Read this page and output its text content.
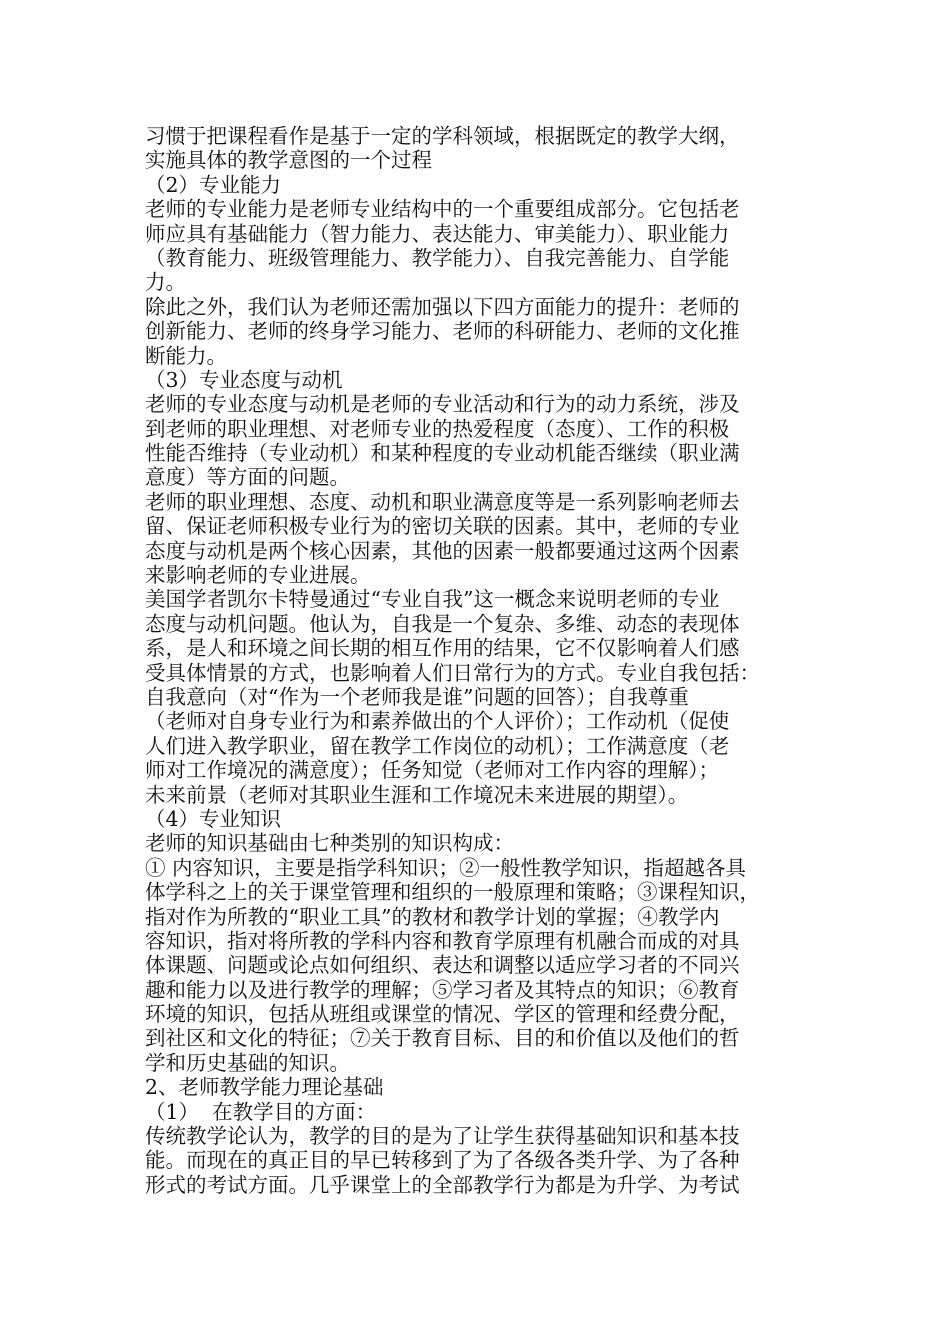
习惯于把课程看作是基于一定的学科领域，根据既定的教学大纲，
实施具体的教学意图的一个过程
（2）专业能力
老师的专业能力是老师专业结构中的一个重要组成部分。它包括老
师应具有基础能力（智力能力、表达能力、审美能力）、职业能力
（教育能力、班级管理能力、教学能力）、自我完善能力、自学能
力。
除此之外，我们认为老师还需加强以下四方面能力的提升：老师的
创新能力、老师的终身学习能力、老师的科研能力、老师的文化推
断能力。
（3）专业态度与动机
老师的专业态度与动机是老师的专业活动和行为的动力系统，涉及
到老师的职业理想、对老师专业的热爱程度（态度）、工作的积极
性能否维持（专业动机）和某种程度的专业动机能否继续（职业满
意度）等方面的问题。
老师的职业理想、态度、动机和职业满意度等是一系列影响老师去
留、保证老师积极专业行为的密切关联的因素。其中，老师的专业
态度与动机是两个核心因素，其他的因素一般都要通过这两个因素
来影响老师的专业进展。
美国学者凯尔卡特曼通过“专业自我”这一概念来说明老师的专业
态度与动机问题。他认为，自我是一个复杂、多维、动态的表现体
系，是人和环境之间长期的相互作用的结果，它不仅影响着人们感
受具体情景的方式，也影响着人们日常行为的方式。专业自我包括：
自我意向（对“作为一个老师我是谁”问题的回答）；自我尊重
（老师对自身专业行为和素养做出的个人评价）；工作动机（促使
人们进入教学职业，留在教学工作岗位的动机）；工作满意度（老
师对工作境况的满意度）；任务知觉（老师对工作内容的理解）；
未来前景（老师对其职业生涯和工作境况未来进展的期望）。
（4）专业知识
老师的知识基础由七种类别的知识构成：
① 内容知识，主要是指学科知识；②一般性教学知识，指超越各具
体学科之上的关于课堂管理和组织的一般原理和策略；③课程知识，
指对作为所教的“职业工具”的教材和教学计划的掌握；④教学内
容知识，指对将所教的学科内容和教育学原理有机融合而成的对具
体课题、问题或论点如何组织、表达和调整以适应学习者的不同兴
趣和能力以及进行教学的理解；⑤学习者及其特点的知识；⑥教育
环境的知识，包括从班组或课堂的情况、学区的管理和经费分配，
到社区和文化的特征；⑦关于教育目标、目的和价值以及他们的哲
学和历史基础的知识。
2、老师教学能力理论基础
（1）  在教学目的方面：
传统教学论认为，教学的目的是为了让学生获得基础知识和基本技
能。而现在的真正目的早已转移到了为了各级各类升学、为了各种
形式的考试方面。几乎课堂上的全部教学行为都是为升学、为考试
